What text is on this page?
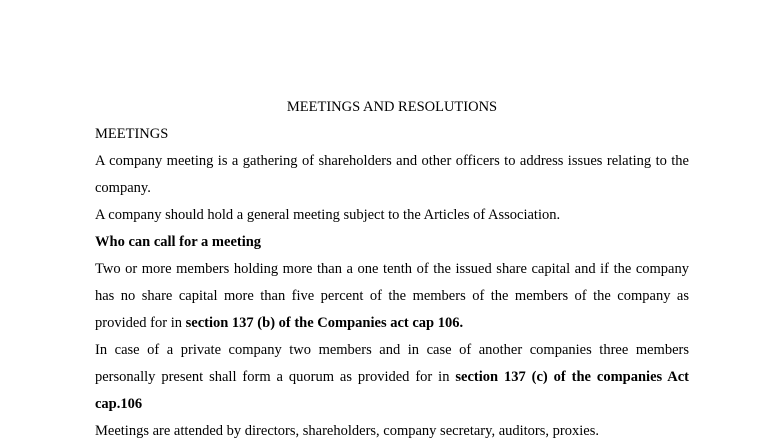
MEETINGS AND RESOLUTIONS

MEETINGS

A company meeting is a gathering of shareholders and other officers to address issues relating to the company.

A company should hold a general meeting subject to the Articles of Association.

Who can call for a meeting

Two or more members holding more than a one tenth of the issued share capital and if the company has no share capital more than five percent of the members of the members of the company as provided for in section 137 (b) of the Companies act cap 106.

In case of a private company two members and in case of another companies three members personally present shall form a quorum as provided for in section 137 (c) of the companies Act cap.106

Meetings are attended by directors, shareholders, company secretary, auditors, proxies.
